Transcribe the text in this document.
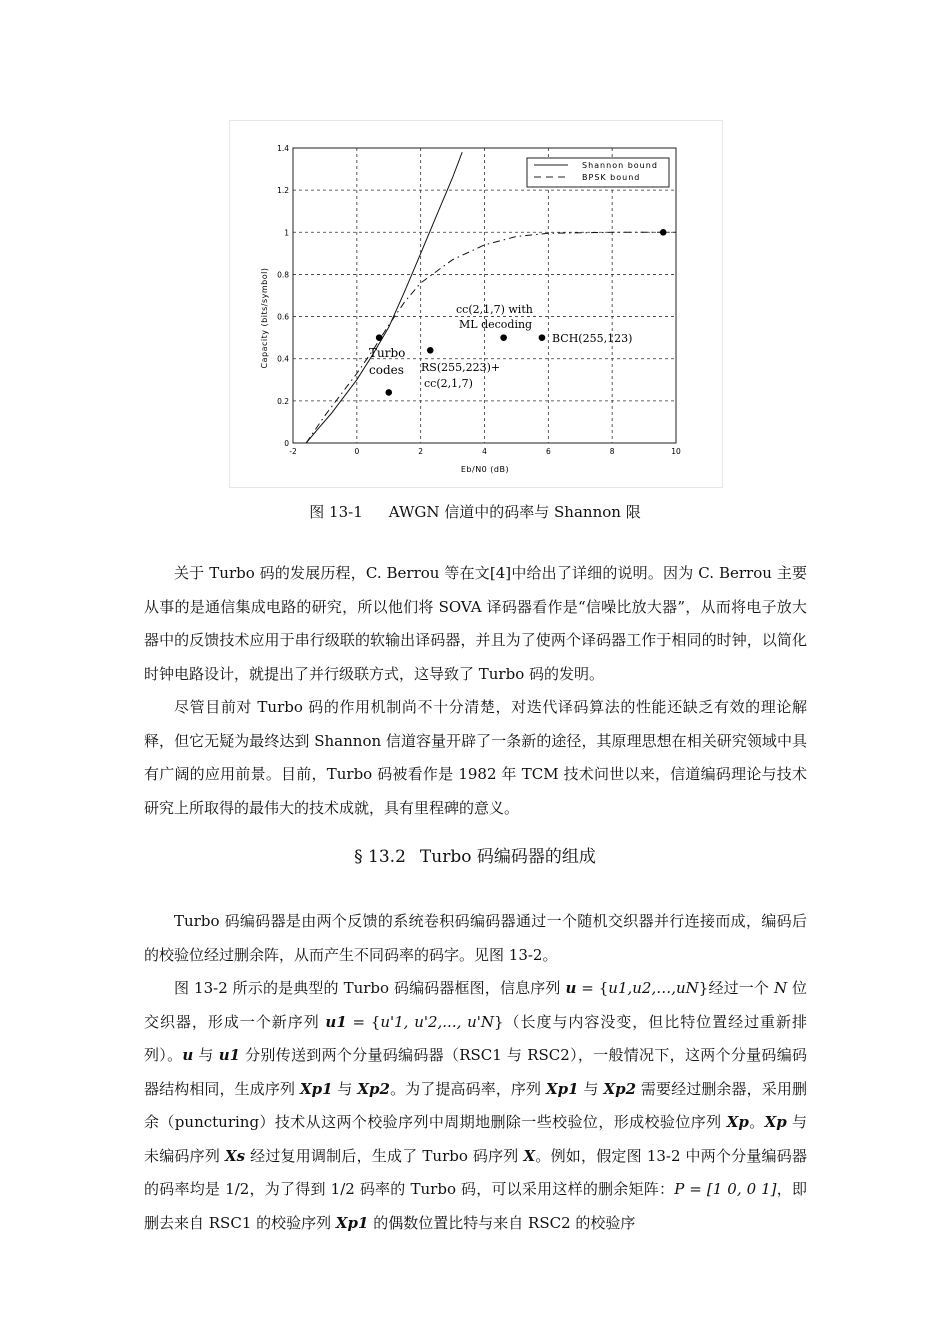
-2	0	2	4	6	8	10
0
0.2
0.4
0.6
0.8
1
1.2
1.4
Shannon bound
BPSK bound
Turbo
codes RS(255,223)+
cc(2,1,7)
cc(2,1,7) with
ML decoding
BCH(255,123)
Eb/N0 (dB)
Capacity (bits/symbol)
图 13-1 AWGN 信道中的码率与 Shannon 限

关于 Turbo 码的发展历程，C. Berrou 等在文[4]中给出了详细的说明。因为 C. Berrou 主要从事的是通信集成电路的研究，所以他们将 SOVA 译码器看作是“信噪比放大器”，从而将电子放大器中的反馈技术应用于串行级联的软输出译码器，并且为了使两个译码器工作于相同的时钟，以简化时钟电路设计，就提出了并行级联方式，这导致了 Turbo 码的发明。

尽管目前对 Turbo 码的作用机制尚不十分清楚，对迭代译码算法的性能还缺乏有效的理论解释，但它无疑为最终达到 Shannon 信道容量开辟了一条新的途径，其原理思想在相关研究领域中具有广阔的应用前景。目前，Turbo 码被看作是 1982 年 TCM 技术问世以来，信道编码理论与技术研究上所取得的最伟大的技术成就，具有里程碑的意义。

§ 13.2 Turbo 码编码器的组成

Turbo 码编码器是由两个反馈的系统卷积码编码器通过一个随机交织器并行连接而成，编码后的校验位经过删余阵，从而产生不同码率的码字。见图 13-2。

图 13-2 所示的是典型的 Turbo 码编码器框图，信息序列 u = {u1,u2,…,uN}经过一个 N 位交织器，形成一个新序列 u1 = {u'1, u'2,..., u'N}（长度与内容没变，但比特位置经过重新排列）。u 与 u1 分别传送到两个分量码编码器（RSC1 与 RSC2），一般情况下，这两个分量码编码器结构相同，生成序列 Xp1 与 Xp2。为了提高码率，序列 Xp1 与 Xp2 需要经过删余器，采用删余（puncturing）技术从这两个校验序列中周期地删除一些校验位，形成校验位序列 Xp。Xp 与未编码序列 Xs 经过复用调制后，生成了 Turbo 码序列 X。例如，假定图 13-2 中两个分量编码器的码率均是 1/2，为了得到 1/2 码率的 Turbo 码，可以采用这样的删余矩阵：P = [1 0, 0 1]，即删去来自 RSC1 的校验序列 Xp1 的偶数位置比特与来自 RSC2 的校验序
